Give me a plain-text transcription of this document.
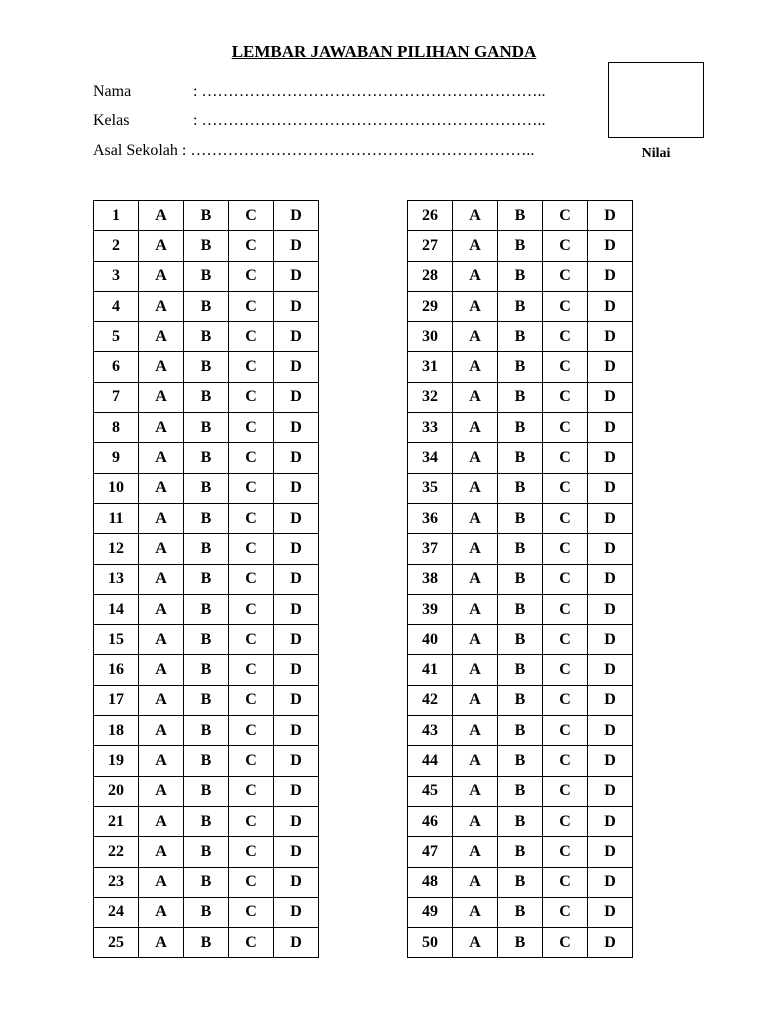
LEMBAR JAWABAN PILIHAN GANDA
Nama	: ………………………………………………………..
Kelas	: ………………………………………………………..
Asal Sekolah : ………………………………………………………..	Nilai
1	A	B	C	D
2	A	B	C	D
3	A	B	C	D
4	A	B	C	D
5	A	B	C	D
6	A	B	C	D
7	A	B	C	D
8	A	B	C	D
9	A	B	C	D
10	A	B	C	D
11	A	B	C	D
12	A	B	C	D
13	A	B	C	D
14	A	B	C	D
15	A	B	C	D
16	A	B	C	D
17	A	B	C	D
18	A	B	C	D
19	A	B	C	D
20	A	B	C	D
21	A	B	C	D
22	A	B	C	D
23	A	B	C	D
24	A	B	C	D
25	A	B	C	D
26	A	B	C	D
27	A	B	C	D
28	A	B	C	D
29	A	B	C	D
30	A	B	C	D
31	A	B	C	D
32	A	B	C	D
33	A	B	C	D
34	A	B	C	D
35	A	B	C	D
36	A	B	C	D
37	A	B	C	D
38	A	B	C	D
39	A	B	C	D
40	A	B	C	D
41	A	B	C	D
42	A	B	C	D
43	A	B	C	D
44	A	B	C	D
45	A	B	C	D
46	A	B	C	D
47	A	B	C	D
48	A	B	C	D
49	A	B	C	D
50	A	B	C	D
